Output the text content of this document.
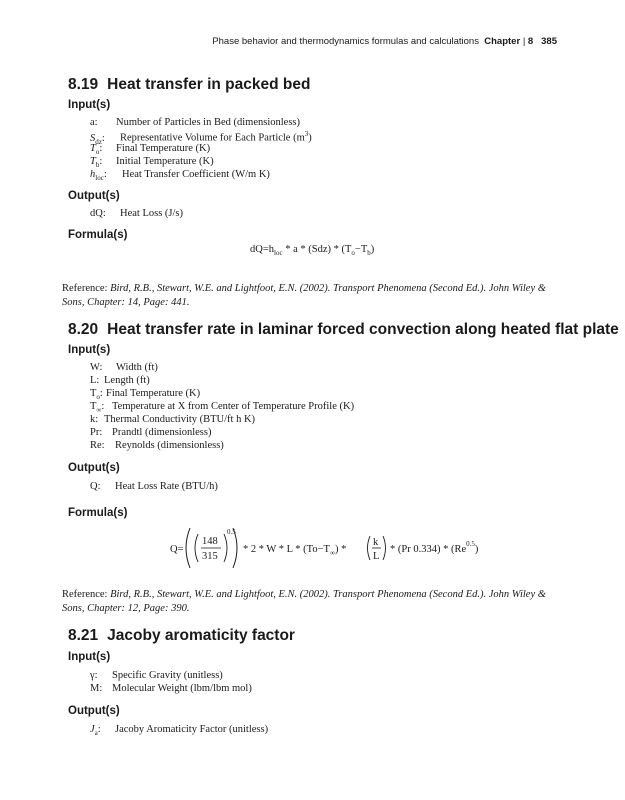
Phase behavior and thermodynamics formulas and calculations Chapter | 8 385
8.19 Heat transfer in packed bed
Input(s)
a: Number of Particles in Bed (dimensionless)
$S_{dz}$: Representative Volume for Each Particle $(m^3)$
$T_o$: Final Temperature (K)
$T_b$: Initial Temperature (K)
$h_{loc}$: Heat Transfer Coefficient (W/m K)
Output(s)
dQ: Heat Loss (J/s)
Formula(s)
$dQ=h_{loc} * a * (Sdz) * (T_o-T_b)$
Reference: Bird, R.B., Stewart, W.E. and Lightfoot, E.N. (2002). Transport Phenomena (Second Ed.). John Wiley & Sons, Chapter: 14, Page: 441.
8.20 Heat transfer rate in laminar forced convection along heated flat plate
Input(s)
W: Width (ft)
L: Length (ft)
$T_o$: Final Temperature (K)
$T_\infty$: Temperature at X from Center of Temperature Profile (K)
k: Thermal Conductivity (BTU/ft h K)
Pr: Prandtl (dimensionless)
Re: Reynolds (dimensionless)
Output(s)
Q: Heat Loss Rate (BTU/h)
Formula(s)
Q=
148
315
0.5
* $2 * W * L * (To-T_\infty)$ *
k
L
* (Pr $0.334) * (Re^{0.5})$
Reference: Bird, R.B., Stewart, W.E. and Lightfoot, E.N. (2002). Transport Phenomena (Second Ed.). John Wiley & Sons, Chapter: 12, Page: 390.
8.21 Jacoby aromaticity factor
Input(s)
γ: Specific Gravity (unitless)
M: Molecular Weight (lbm/lbm mol)
Output(s)
$J_a$: Jacoby Aromaticity Factor (unitless)
